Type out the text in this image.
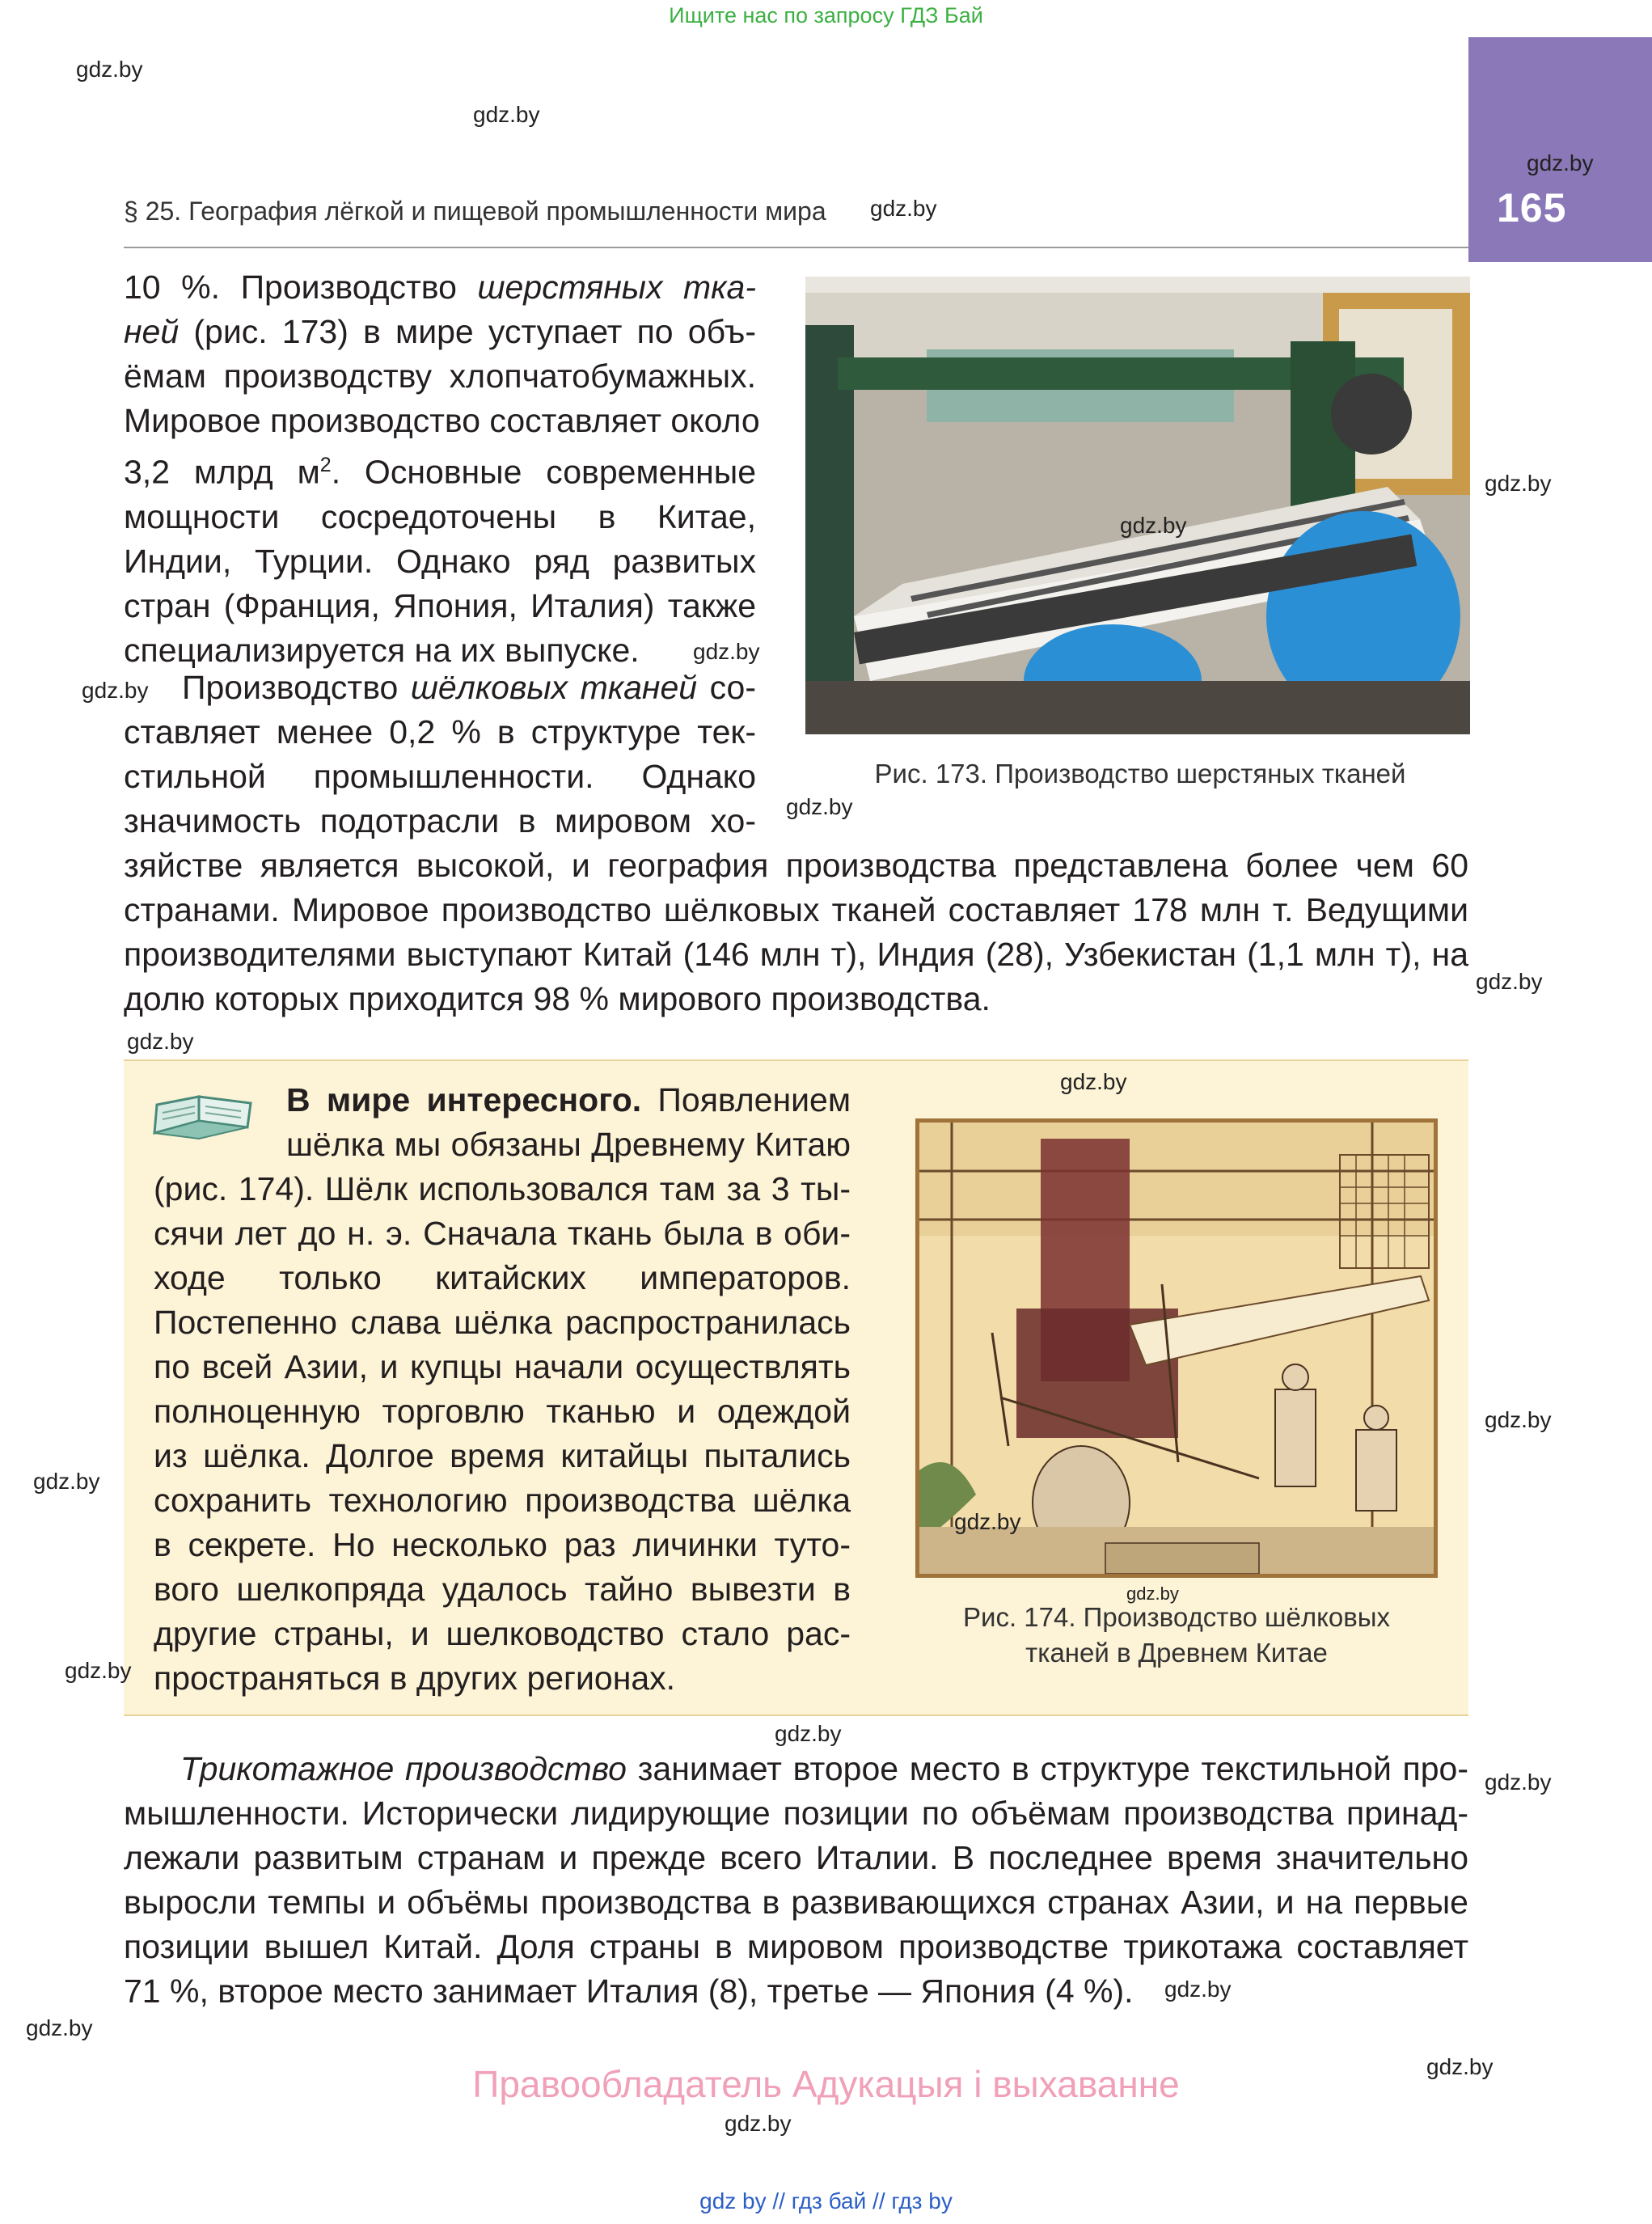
Ищите нас по запросу ГДЗ Бай
165
§ 25. География лёгкой и пищевой промышленности мира
10 %. Производство шерстяных тка-
ней (рис. 173) в мире уступает по объ-
ёмам производству хлопчатобумажных.
Мировое производство составляет около
3,2 млрд $м^2$. Основные современные
мощности сосредоточены в Китае,
Индии, Турции. Однако ряд развитых
стран (Франция, Япония, Италия) также
специализируется на их выпуске.
Производство шёлковых тканей со-
ставляет менее 0,2 % в структуре тек-
стильной промышленности. Однако
значимость подотрасли в мировом хо-
зяйстве является высокой, и география производства представлена более чем 60
странами. Мировое производство шёлковых тканей составляет 178 млн т. Ведущими
производителями выступают Китай (146 млн т), Индия (28), Узбекистан (1,1 млн т), на
долю которых приходится 98 % мирового производства.
Рис. 173. Производство шерстяных тканей
В мире интересного. Появлением
шёлка мы обязаны Древнему Китаю
(рис. 174). Шёлк использовался там за 3 ты-
сячи лет до н. э. Сначала ткань была в оби-
ходе только китайских императоров.
Постепенно слава шёлка распространилась
по всей Азии, и купцы начали осуществлять
полноценную торговлю тканью и одеждой
из шёлка. Долгое время китайцы пытались
сохранить технологию производства шёлка
в секрете. Но несколько раз личинки туто-
вого шелкопряда удалось тайно вывезти в
другие страны, и шелководство стало рас-
пространяться в других регионах.
Рис. 174. Производство шёлковых
тканей в Древнем Китае
Трикотажное производство занимает второе место в структуре текстильной про-
мышленности. Исторически лидирующие позиции по объёмам производства принад-
лежали развитым странам и прежде всего Италии. В последнее время значительно
выросли темпы и объёмы производства в развивающихся странах Азии, и на первые
позиции вышел Китай. Доля страны в мировом производстве трикотажа составляет
71 %, второе место занимает Италия (8), третье — Япония (4 %).
gdz.by
gdz.by
gdz.by
gdz.by
gdz.by
gdz.by
gdz.by
gdz.by
gdz.by
gdz.by
gdz.by
gdz.by
gdz.by
gdz.by
gdz.by
gdz.by
gdz.by
gdz.by
gdz.by
gdz.by
gdz.by
gdz.by
gdz.by
Правообладатель Адукацыя і выхаванне
gdz by // гдз бай // гдз by
